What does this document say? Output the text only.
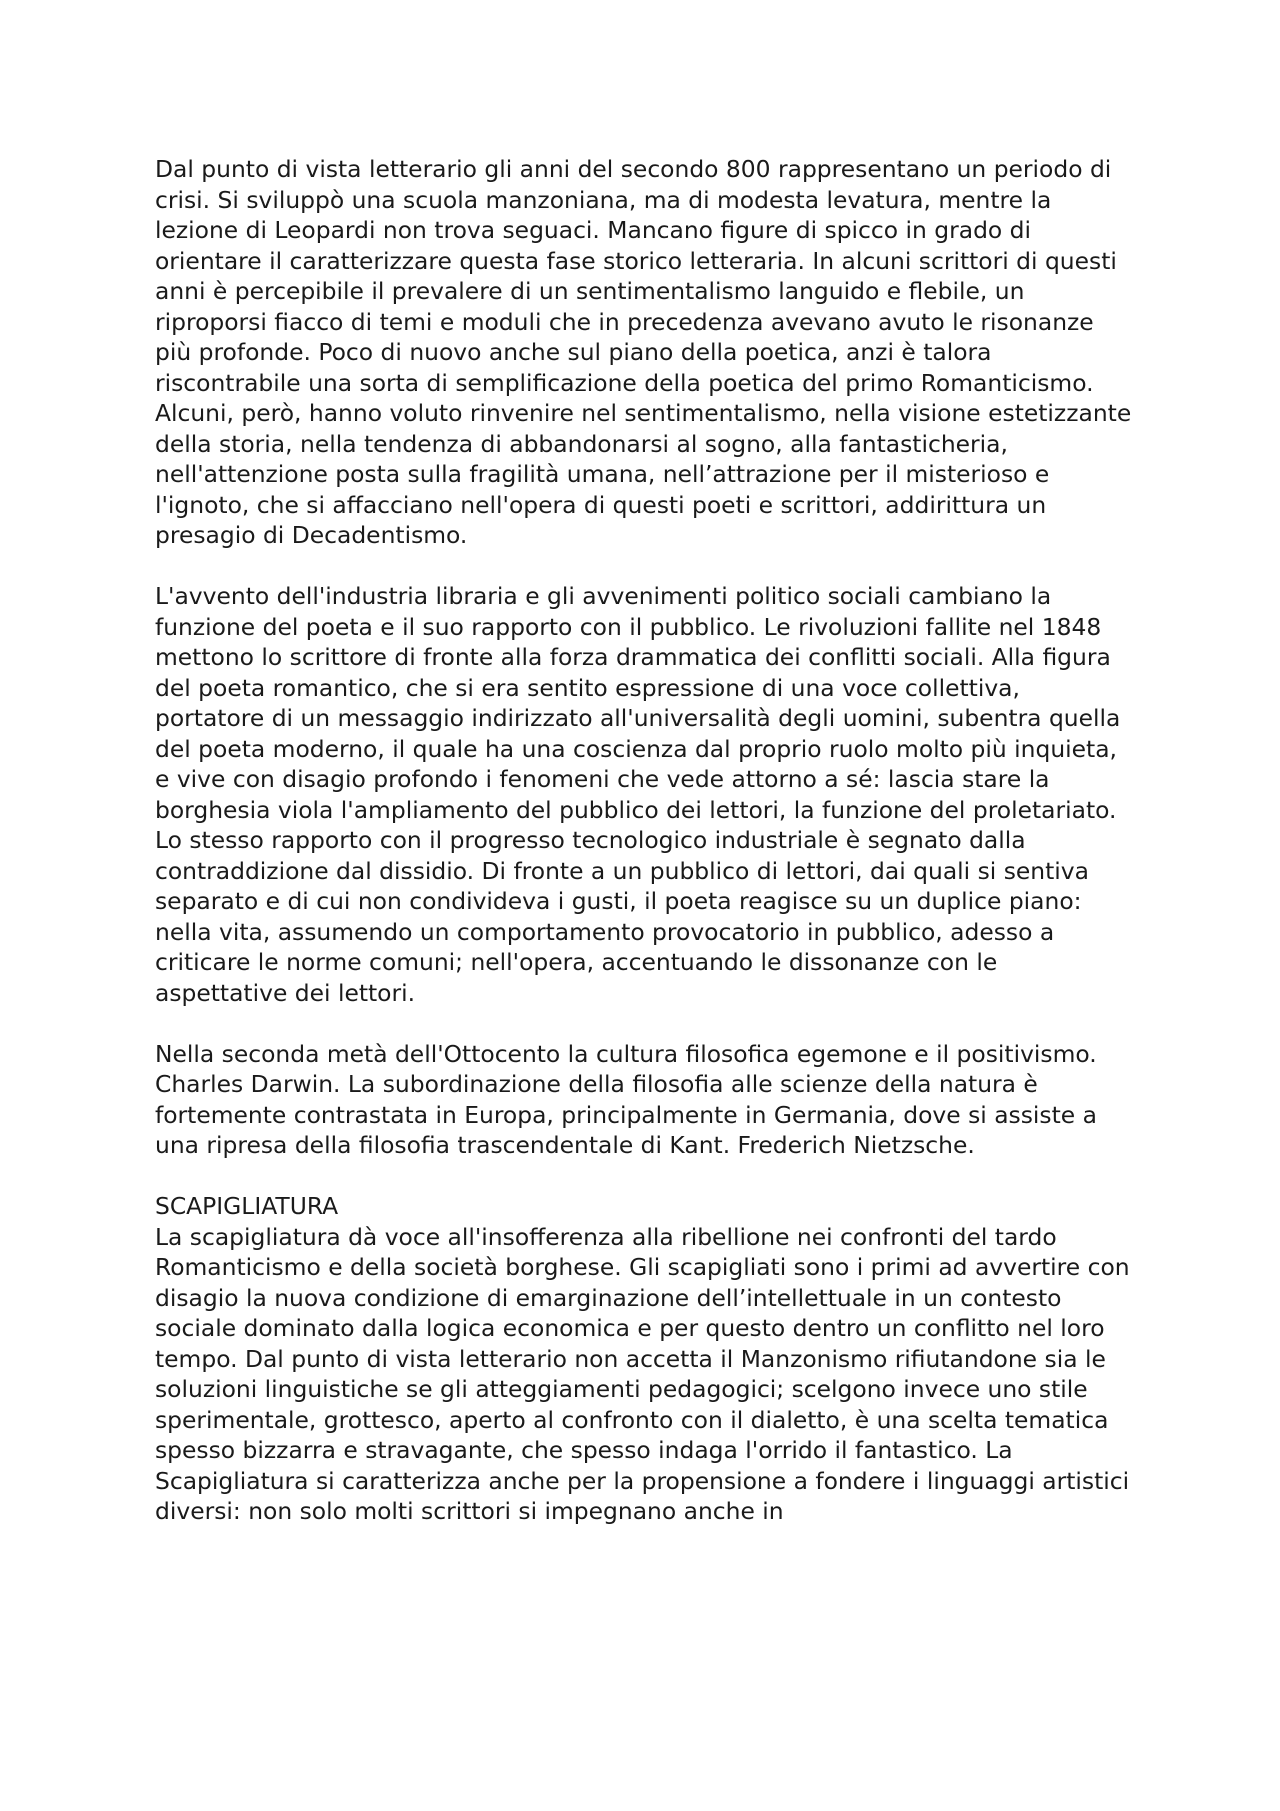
Dal punto di vista letterario gli anni del secondo 800 rappresentano un periodo di crisi. Si sviluppò una scuola manzoniana, ma di modesta levatura, mentre la lezione di Leopardi non trova seguaci. Mancano figure di spicco in grado di orientare il caratterizzare questa fase storico letteraria. In alcuni scrittori di questi anni è percepibile il prevalere di un sentimentalismo languido e flebile, un riproporsi fiacco di temi e moduli che in precedenza avevano avuto le risonanze più profonde. Poco di nuovo anche sul piano della poetica, anzi è talora riscontrabile una sorta di semplificazione della poetica del primo Romanticismo. Alcuni, però, hanno voluto rinvenire nel sentimentalismo, nella visione estetizzante della storia, nella tendenza di abbandonarsi al sogno, alla fantasticheria, nell'attenzione posta sulla fragilità umana, nell’attrazione per il misterioso e l'ignoto, che si affacciano nell'opera di questi poeti e scrittori, addirittura un presagio di Decadentismo.

L'avvento dell'industria libraria e gli avvenimenti politico sociali cambiano la funzione del poeta e il suo rapporto con il pubblico. Le rivoluzioni fallite nel 1848 mettono lo scrittore di fronte alla forza drammatica dei conflitti sociali. Alla figura del poeta romantico, che si era sentito espressione di una voce collettiva, portatore di un messaggio indirizzato all'universalità degli uomini, subentra quella del poeta moderno, il quale ha una coscienza dal proprio ruolo molto più inquieta, e vive con disagio profondo i fenomeni che vede attorno a sé: lascia stare la borghesia viola l'ampliamento del pubblico dei lettori, la funzione del proletariato. Lo stesso rapporto con il progresso tecnologico industriale è segnato dalla contraddizione dal dissidio. Di fronte a un pubblico di lettori, dai quali si sentiva separato e di cui non condivideva i gusti, il poeta reagisce su un duplice piano: nella vita, assumendo un comportamento provocatorio in pubblico, adesso a criticare le norme comuni; nell'opera, accentuando le dissonanze con le aspettative dei lettori.

Nella seconda metà dell'Ottocento la cultura filosofica egemone e il positivismo. Charles Darwin. La subordinazione della filosofia alle scienze della natura è fortemente contrastata in Europa, principalmente in Germania, dove si assiste a una ripresa della filosofia trascendentale di Kant. Frederich Nietzsche.

SCAPIGLIATURA

La scapigliatura dà voce all'insofferenza alla ribellione nei confronti del tardo Romanticismo e della società borghese. Gli scapigliati sono i primi ad avvertire con disagio la nuova condizione di emarginazione dell’intellettuale in un contesto sociale dominato dalla logica economica e per questo dentro un conflitto nel loro tempo. Dal punto di vista letterario non accetta il Manzonismo rifiutandone sia le soluzioni linguistiche se gli atteggiamenti pedagogici; scelgono invece uno stile sperimentale, grottesco, aperto al confronto con il dialetto, è una scelta tematica spesso bizzarra e stravagante, che spesso indaga l'orrido il fantastico. La Scapigliatura si caratterizza anche per la propensione a fondere i linguaggi artistici diversi: non solo molti scrittori si impegnano anche in
